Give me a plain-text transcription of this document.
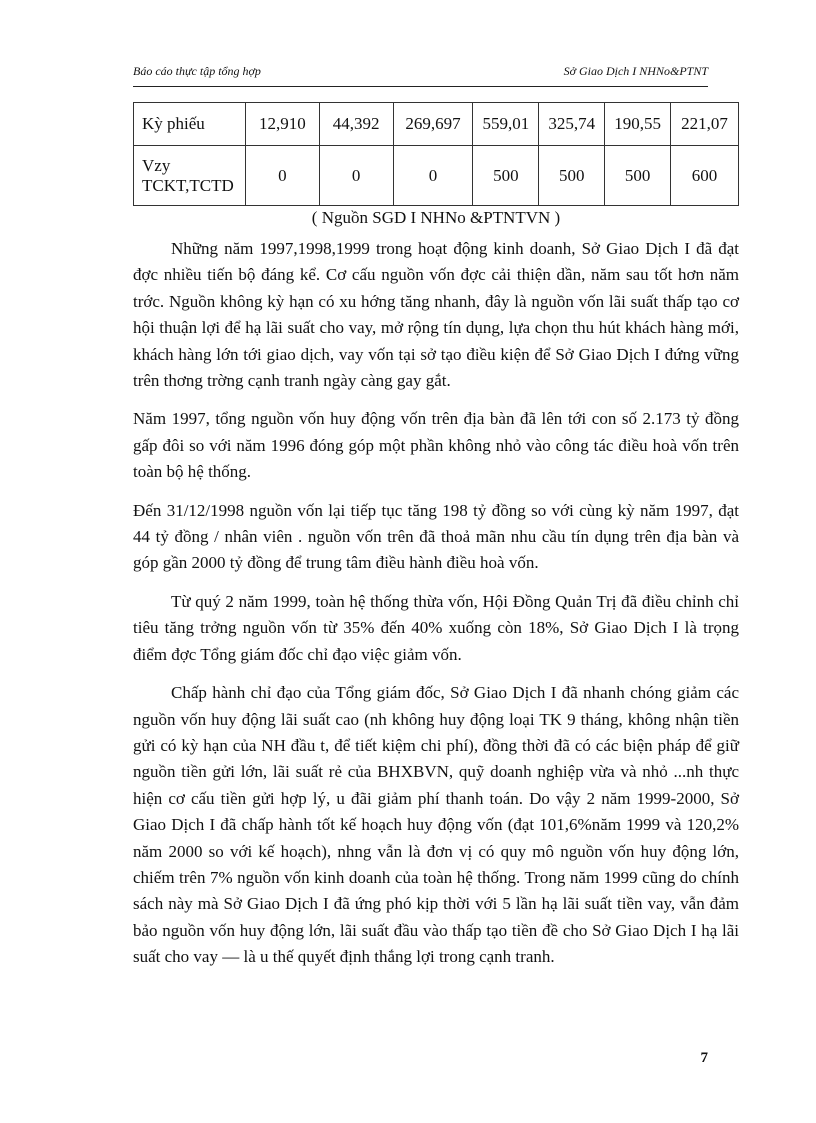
Báo cáo thực tập tổng hợp	Sở Giao Dịch I NHNo&PTNT
Kỳ phiếu	12,910	44,392	269,697	559,01	325,74	190,55	221,07

Vzy
TCKT,TCTD	0	0	0	500	500	500	600
( Nguồn SGD I NHNo &PTNTVN )

Những năm 1997,1998,1999 trong hoạt động kinh doanh, Sở Giao Dịch I đã đạt đợc nhiều tiến bộ đáng kể. Cơ cấu nguồn vốn đợc cải thiện dần, năm sau tốt hơn năm trớc. Nguồn không kỳ hạn có xu hớng tăng nhanh, đây là nguồn vốn lãi suất thấp tạo cơ hội thuận lợi để hạ lãi suất cho vay, mở rộng tín dụng, lựa chọn thu hút khách hàng mới, khách hàng lớn tới giao dịch, vay vốn tại sở tạo điều kiện để Sở Giao Dịch I đứng vững trên thơng trờng cạnh tranh ngày càng gay gắt.

Năm 1997, tổng nguồn vốn huy động vốn trên địa bàn đã lên tới con số 2.173 tỷ đồng gấp đôi so với năm 1996 đóng góp một phần không nhỏ vào công tác điều hoà vốn trên toàn bộ hệ thống.

Đến 31/12/1998 nguồn vốn lại tiếp tục tăng 198 tỷ đồng so với cùng kỳ năm 1997, đạt 44 tỷ đồng / nhân viên . nguồn vốn trên đã thoả mãn nhu cầu tín dụng trên địa bàn và góp gần 2000 tỷ đồng để trung tâm điều hành điều hoà vốn.

Từ quý 2 năm 1999, toàn hệ thống thừa vốn, Hội Đồng Quản Trị đã điều chỉnh chỉ tiêu tăng trởng nguồn vốn từ 35% đến 40% xuống còn 18%, Sở Giao Dịch I là trọng điểm đợc Tổng giám đốc chỉ đạo việc giảm vốn.

Chấp hành chỉ đạo của Tổng giám đốc, Sở Giao Dịch I đã nhanh chóng giảm các nguồn vốn huy động lãi suất cao (nh không huy động loại TK 9 tháng, không nhận tiền gửi có kỳ hạn của NH đầu t, để tiết kiệm chi phí), đồng thời đã có các biện pháp để giữ nguồn tiền gửi lớn, lãi suất rẻ của BHXBVN, quỹ doanh nghiệp vừa và nhỏ ...nh thực hiện cơ cấu tiền gửi hợp lý, u đãi giảm phí thanh toán. Do vậy 2 năm 1999-2000, Sở Giao Dịch I đã chấp hành tốt kế hoạch huy động vốn (đạt 101,6%năm 1999 và 120,2% năm 2000 so với kế hoạch), nhng vẫn là đơn vị có quy mô nguồn vốn huy động lớn, chiếm trên 7% nguồn vốn kinh doanh của toàn hệ thống. Trong năm 1999 cũng do chính sách này mà Sở Giao Dịch I đã ứng phó kịp thời với 5 lần hạ lãi suất tiền vay, vẫn đảm bảo nguồn vốn huy động lớn, lãi suất đầu vào thấp tạo tiền đề cho Sở Giao Dịch I hạ lãi suất cho vay — là u thế quyết định thắng lợi trong cạnh tranh.

7
